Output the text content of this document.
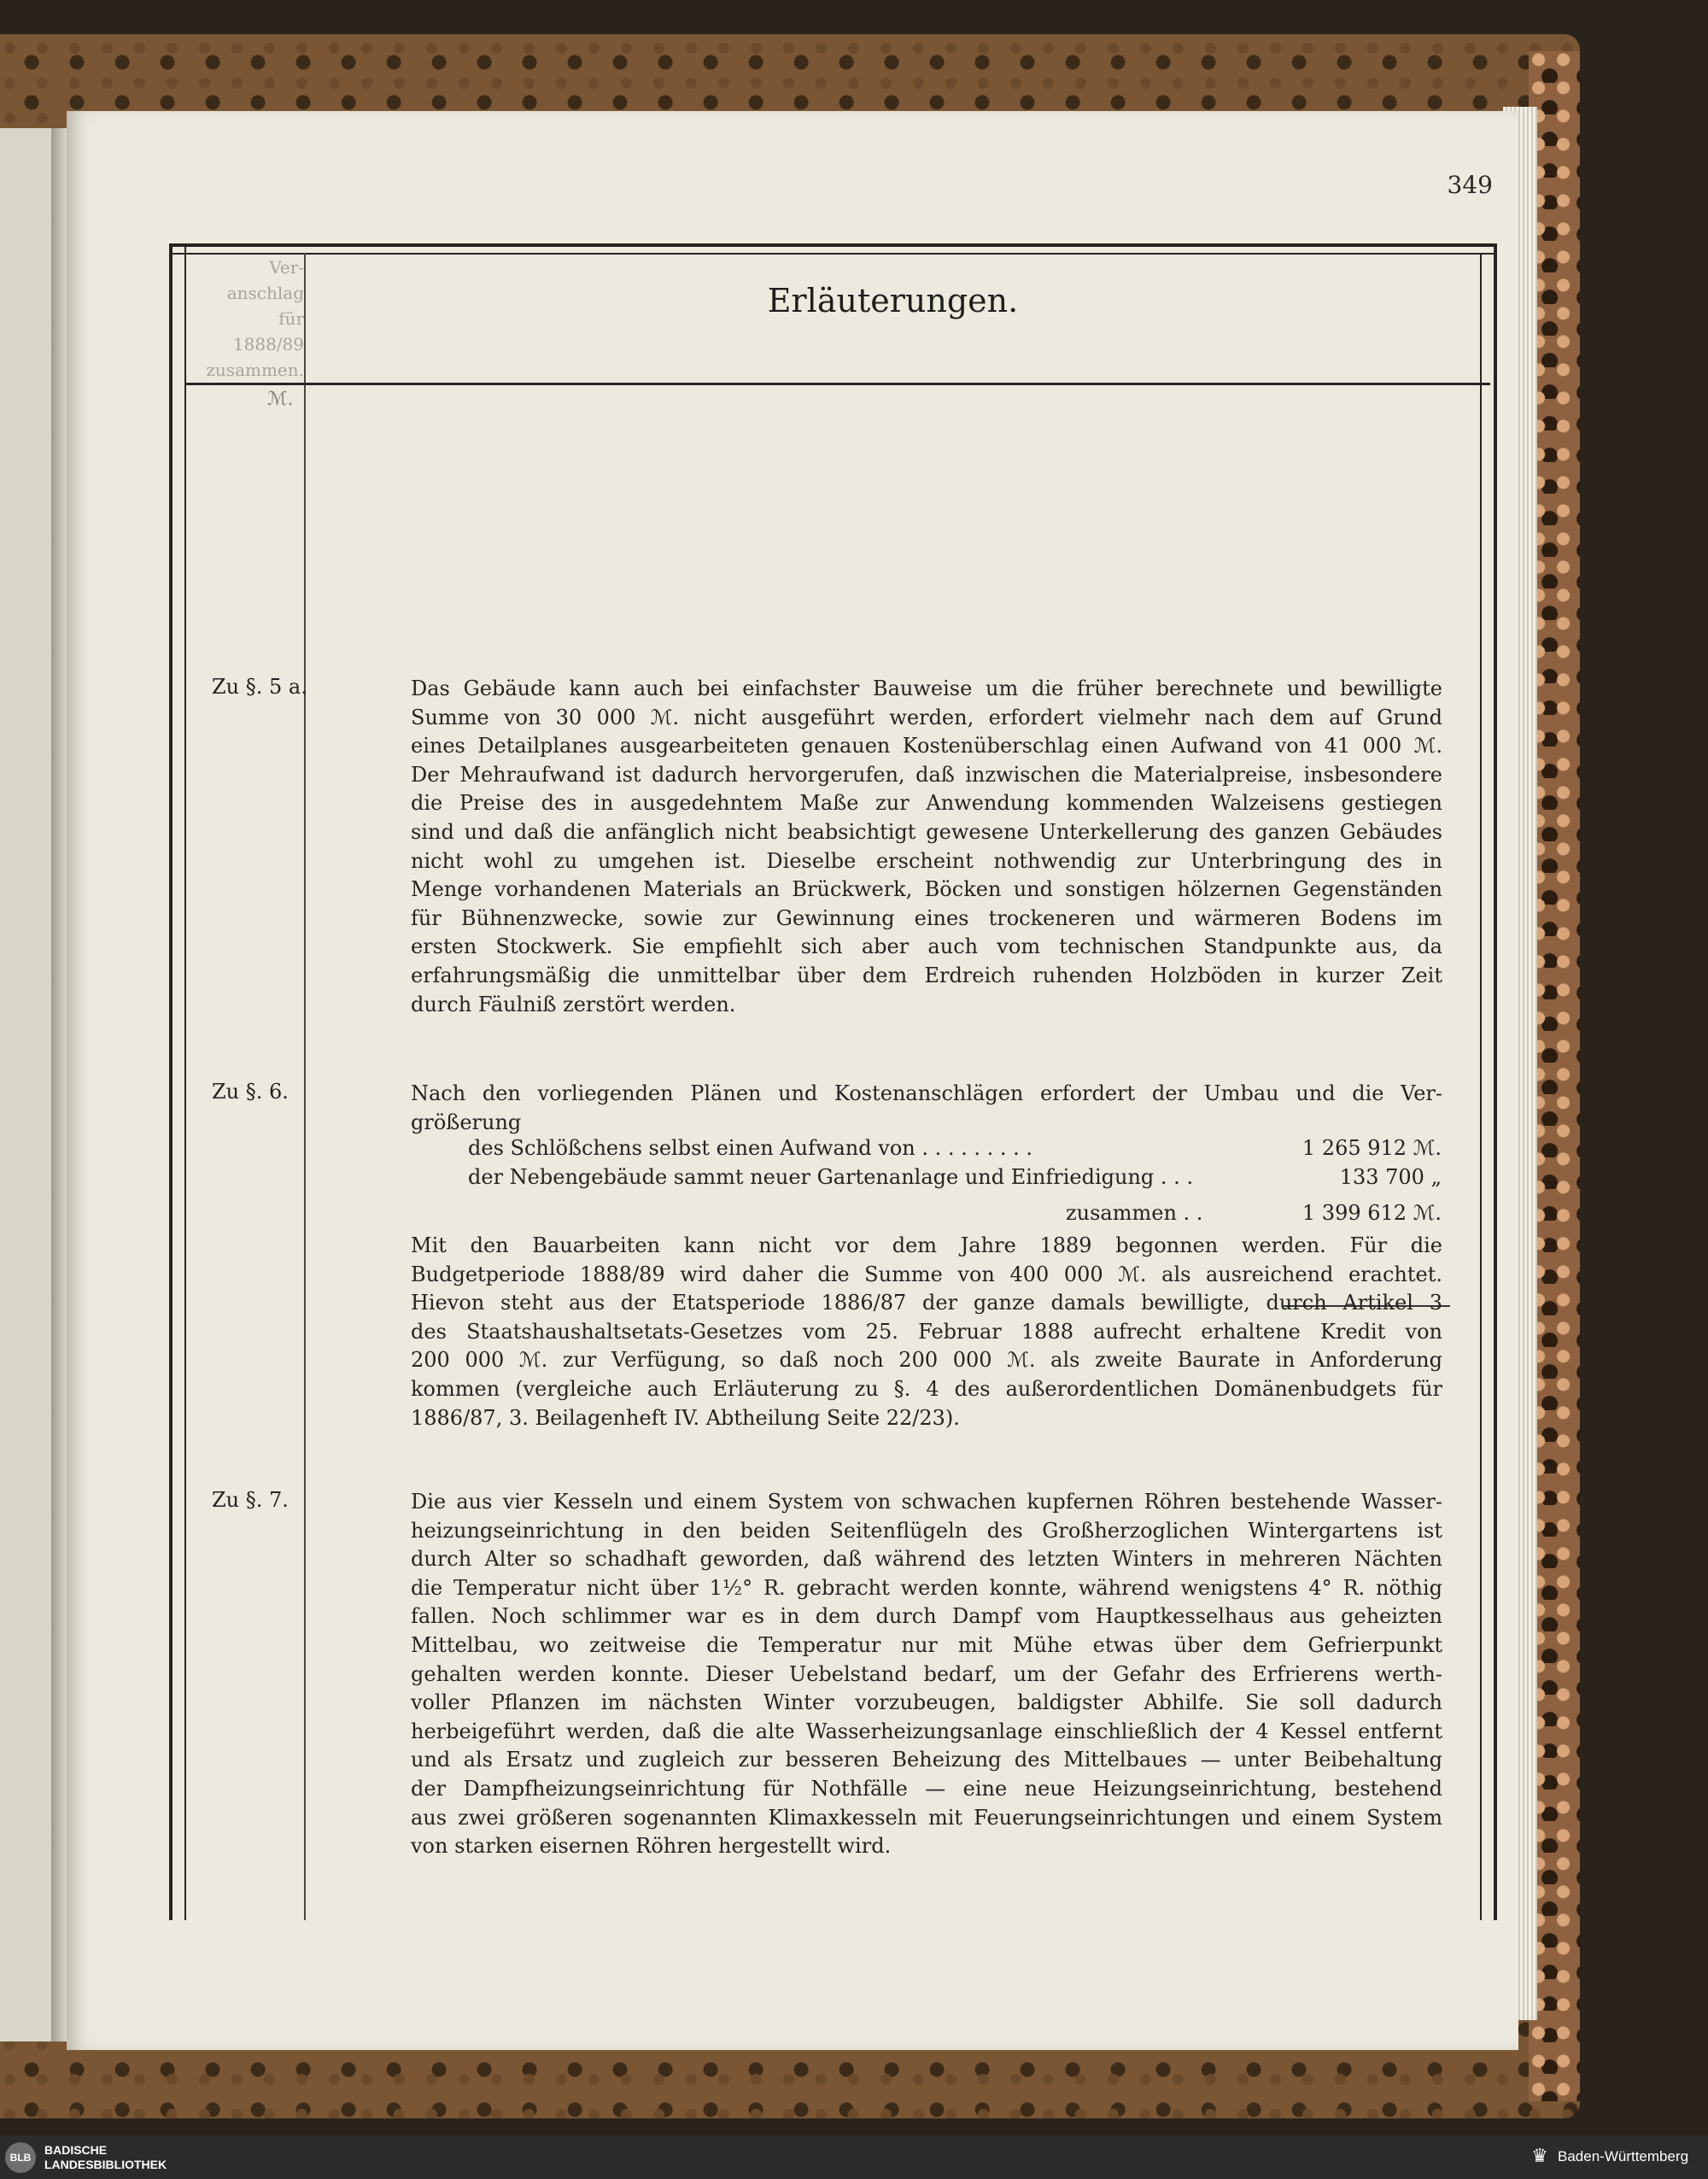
349
Ver-
anschlag
für
1888/89
zusammen.
ℳ.
Erläuterungen.
Zu §. 5 a.	Das Gebäude kann auch bei einfachster Bauweise um die früher berechnete und bewilligte
Summe von 30 000 ℳ. nicht ausgeführt werden, erfordert vielmehr nach dem auf Grund
eines Detailplanes ausgearbeiteten genauen Kostenüberschlag einen Aufwand von 41 000 ℳ.
Der Mehraufwand ist dadurch hervorgerufen, daß inzwischen die Materialpreise, insbesondere
die Preise des in ausgedehntem Maße zur Anwendung kommenden Walzeisens gestiegen
sind und daß die anfänglich nicht beabsichtigt gewesene Unterkellerung des ganzen Gebäudes
nicht wohl zu umgehen ist. Dieselbe erscheint nothwendig zur Unterbringung des in
Menge vorhandenen Materials an Brückwerk, Böcken und sonstigen hölzernen Gegenständen
für Bühnenzwecke, sowie zur Gewinnung eines trockeneren und wärmeren Bodens im
ersten Stockwerk. Sie empfiehlt sich aber auch vom technischen Standpunkte aus, da
erfahrungsmäßig die unmittelbar über dem Erdreich ruhenden Holzböden in kurzer Zeit
durch Fäulniß zerstört werden.
Zu §. 6.	Nach den vorliegenden Plänen und Kostenanschlägen erfordert der Umbau und die Ver-
größerung
des Schlößchens selbst einen Aufwand von . . . . . . . . .	1 265 912 ℳ.
der Nebengebäude sammt neuer Gartenanlage und Einfriedigung . . .	133 700 „
zusammen . .	1 399 612 ℳ.
Mit den Bauarbeiten kann nicht vor dem Jahre 1889 begonnen werden. Für die
Budgetperiode 1888/89 wird daher die Summe von 400 000 ℳ. als ausreichend erachtet.
Hievon steht aus der Etatsperiode 1886/87 der ganze damals bewilligte, durch Artikel 3
des Staatshaushaltsetats-Gesetzes vom 25. Februar 1888 aufrecht erhaltene Kredit von
200 000 ℳ. zur Verfügung, so daß noch 200 000 ℳ. als zweite Baurate in Anforderung
kommen (vergleiche auch Erläuterung zu §. 4 des außerordentlichen Domänenbudgets für
1886/87, 3. Beilagenheft IV. Abtheilung Seite 22/23).
Zu §. 7.	Die aus vier Kesseln und einem System von schwachen kupfernen Röhren bestehende Wasser-
heizungseinrichtung in den beiden Seitenflügeln des Großherzoglichen Wintergartens ist
durch Alter so schadhaft geworden, daß während des letzten Winters in mehreren Nächten
die Temperatur nicht über 1½° R. gebracht werden konnte, während wenigstens 4° R. nöthig
fallen. Noch schlimmer war es in dem durch Dampf vom Hauptkesselhaus aus geheizten
Mittelbau, wo zeitweise die Temperatur nur mit Mühe etwas über dem Gefrierpunkt
gehalten werden konnte. Dieser Uebelstand bedarf, um der Gefahr des Erfrierens werth-
voller Pflanzen im nächsten Winter vorzubeugen, baldigster Abhilfe. Sie soll dadurch
herbeigeführt werden, daß die alte Wasserheizungsanlage einschließlich der 4 Kessel entfernt
und als Ersatz und zugleich zur besseren Beheizung des Mittelbaues — unter Beibehaltung
der Dampfheizungseinrichtung für Nothfälle — eine neue Heizungseinrichtung, bestehend
aus zwei größeren sogenannten Klimaxkesseln mit Feuerungseinrichtungen und einem System
von starken eisernen Röhren hergestellt wird.
BLB
BADISCHE
LANDESBIBLIOTHEK	♛ Baden-Württemberg
